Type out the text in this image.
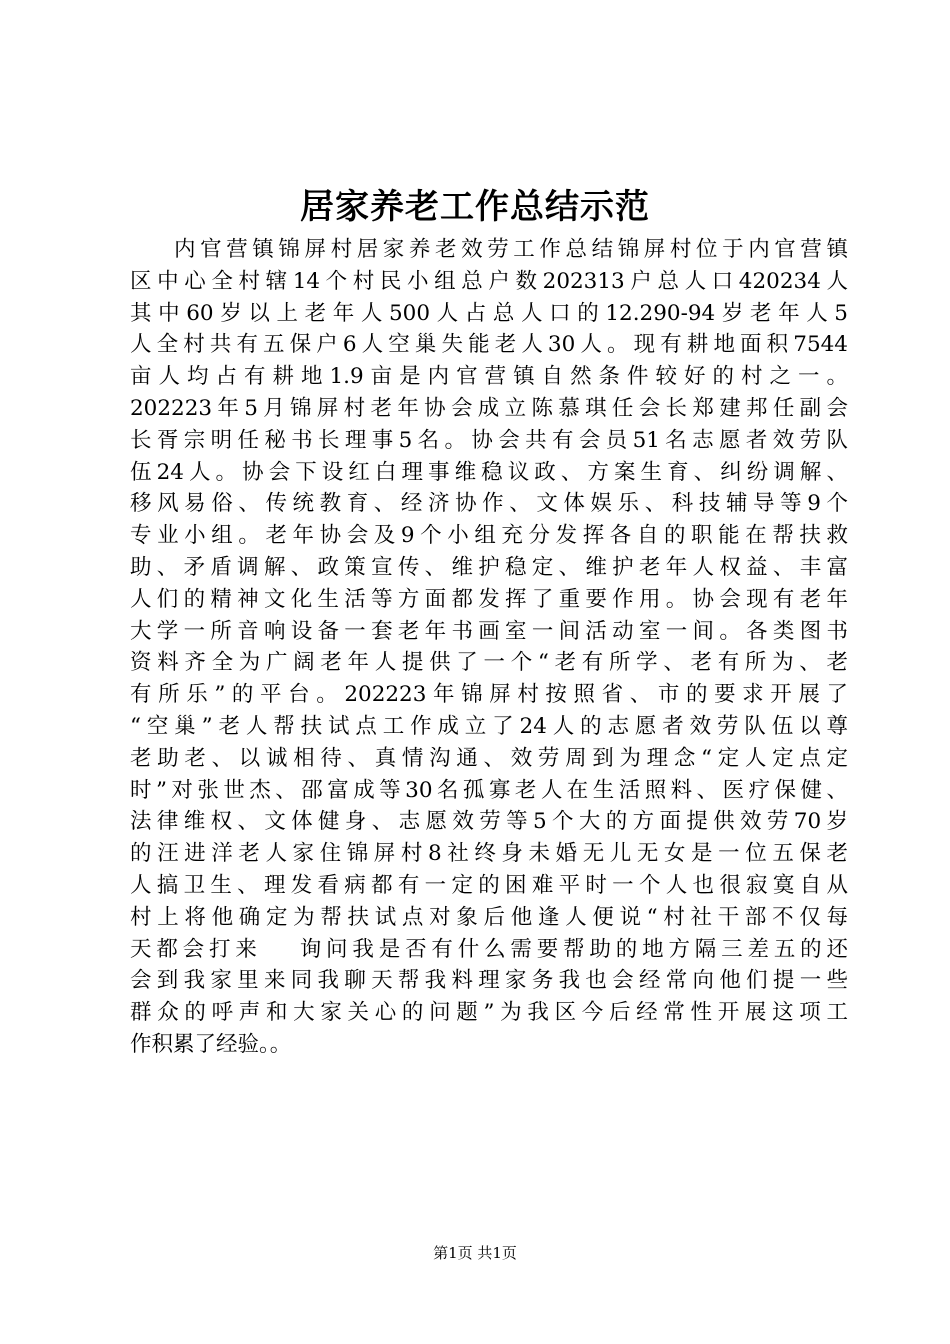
居家养老工作总结示范
内官营镇锦屏村居家养老效劳工作总结锦屏村位于内官营镇
区中心全村辖14个村民小组总户数202313户总人口420234人
其中60岁以上老年人500人占总人口的12.290-94岁老年人5
人全村共有五保户6人空巢失能老人30人。现有耕地面积7544
亩人均占有耕地1.9亩是内官营镇自然条件较好的村之一。
202223年5月锦屏村老年协会成立陈慕琪任会长郑建邦任副会
长胥宗明任秘书长理事5名。协会共有会员51名志愿者效劳队
伍24人。协会下设红白理事维稳议政、方案生育、纠纷调解、
移风易俗、传统教育、经济协作、文体娱乐、科技辅导等9个
专业小组。老年协会及9个小组充分发挥各自的职能在帮扶救
助、矛盾调解、政策宣传、维护稳定、维护老年人权益、丰富
人们的精神文化生活等方面都发挥了重要作用。协会现有老年
大学一所音响设备一套老年书画室一间活动室一间。各类图书
资料齐全为广阔老年人提供了一个“老有所学、老有所为、老
有所乐”的平台。202223年锦屏村按照省、市的要求开展了
“空巢”老人帮扶试点工作成立了24人的志愿者效劳队伍以尊
老助老、以诚相待、真情沟通、效劳周到为理念“定人定点定
时”对张世杰、邵富成等30名孤寡老人在生活照料、医疗保健、
法律维权、文体健身、志愿效劳等5个大的方面提供效劳70岁
的汪进洋老人家住锦屏村8社终身未婚无儿无女是一位五保老
人搞卫生、理发看病都有一定的困难平时一个人也很寂寞自从
村上将他确定为帮扶试点对象后他逢人便说“村社干部不仅每
天都会打来　 询问我是否有什么需要帮助的地方隔三差五的还
会到我家里来同我聊天帮我料理家务我也会经常向他们提一些
群众的呼声和大家关心的问题”为我区今后经常性开展这项工
作积累了经验。。
第1页 共1页
